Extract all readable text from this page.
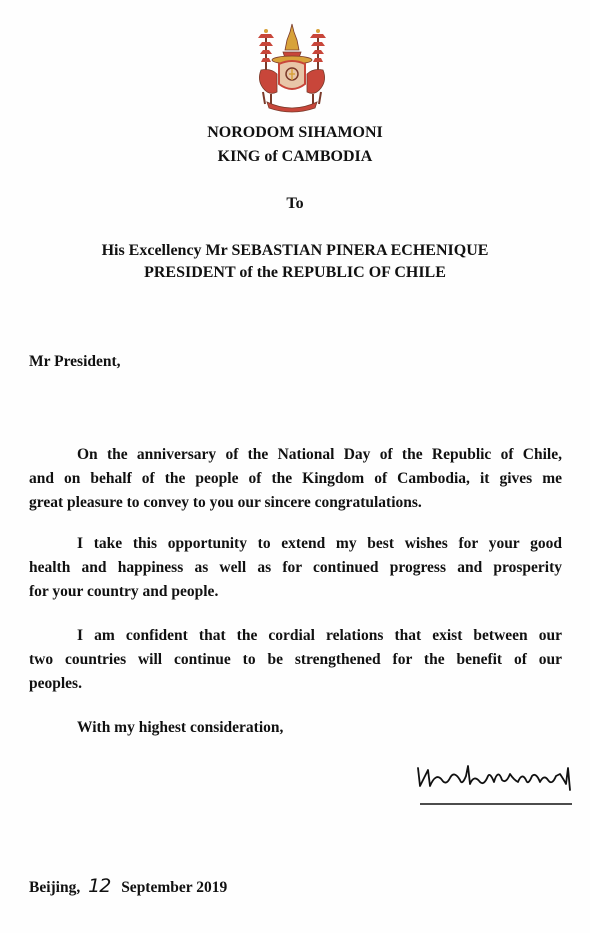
NORODOM SIHAMONI
KING of CAMBODIA
To
His Excellency Mr SEBASTIAN PINERA ECHENIQUE
PRESIDENT of the REPUBLIC OF CHILE
Mr President,
On the anniversary of the National Day of the Republic of Chile,
and on behalf of the people of the Kingdom of Cambodia, it gives me
great pleasure to convey to you our sincere congratulations.
I take this opportunity to extend my best wishes for your good
health and happiness as well as for continued progress and prosperity
for your country and people.
I am confident that the cordial relations that exist between our
two countries will continue to be strengthened for the benefit of our
peoples.
With my highest consideration,
Beijing, 12 September 2019
